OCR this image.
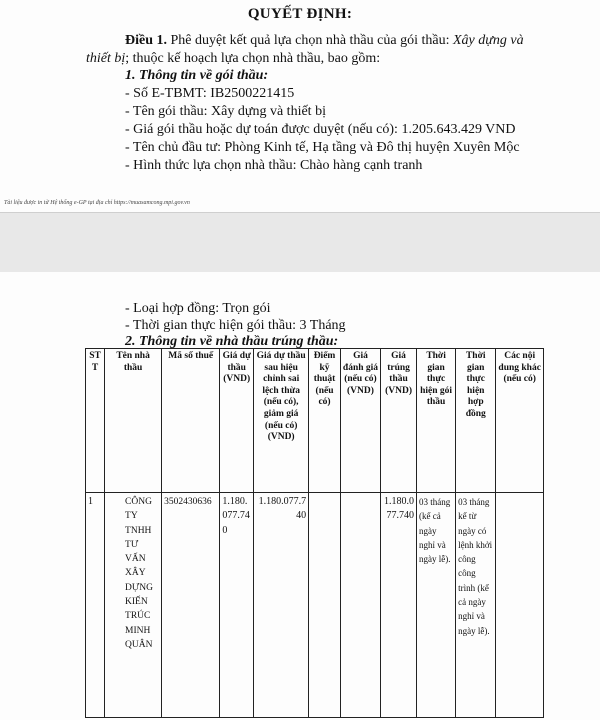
QUYẾT ĐỊNH:
Điều 1. Phê duyệt kết quả lựa chọn nhà thầu của gói thầu: Xây dựng và
thiết bị; thuộc kế hoạch lựa chọn nhà thầu, bao gồm:
1. Thông tin về gói thầu:
- Số E-TBMT: IB2500221415
- Tên gói thầu: Xây dựng và thiết bị
- Giá gói thầu hoặc dự toán được duyệt (nếu có): 1.205.643.429 VND
- Tên chủ đầu tư: Phòng Kinh tế, Hạ tầng và Đô thị huyện Xuyên Mộc
- Hình thức lựa chọn nhà thầu: Chào hàng cạnh tranh
Tài liệu được in từ Hệ thống e-GP tại địa chỉ https://muasamcong.mpi.gov.vn
- Loại hợp đồng: Trọn gói
- Thời gian thực hiện gói thầu: 3 Tháng
2. Thông tin về nhà thầu trúng thầu:
STT	Tên nhà thầu	Mã số thuế	Giá dự thầu (VND)	Giá dự thầu sau hiệu chỉnh sai lệch thừa (nếu có), giảm giá (nếu có) (VND)	Điểm kỹ thuật (nếu có)	Giá đánh giá (nếu có) (VND)	Giá trúng thầu (VND)	Thời gian thực hiện gói thầu	Thời gian thực hiện hợp đồng	Các nội dung khác (nếu có)
1	CÔNG TY TNHH TƯ VẤN XÂY DỰNG KIẾN TRÚC MINH QUÂN	3502430636	1.180.077.740	1.180.077.740			1.180.077.740	03 tháng (kể cả ngày nghỉ và ngày lễ).	03 tháng kể từ ngày có lệnh khởi công công trình (kể cả ngày nghỉ và ngày lễ).	
